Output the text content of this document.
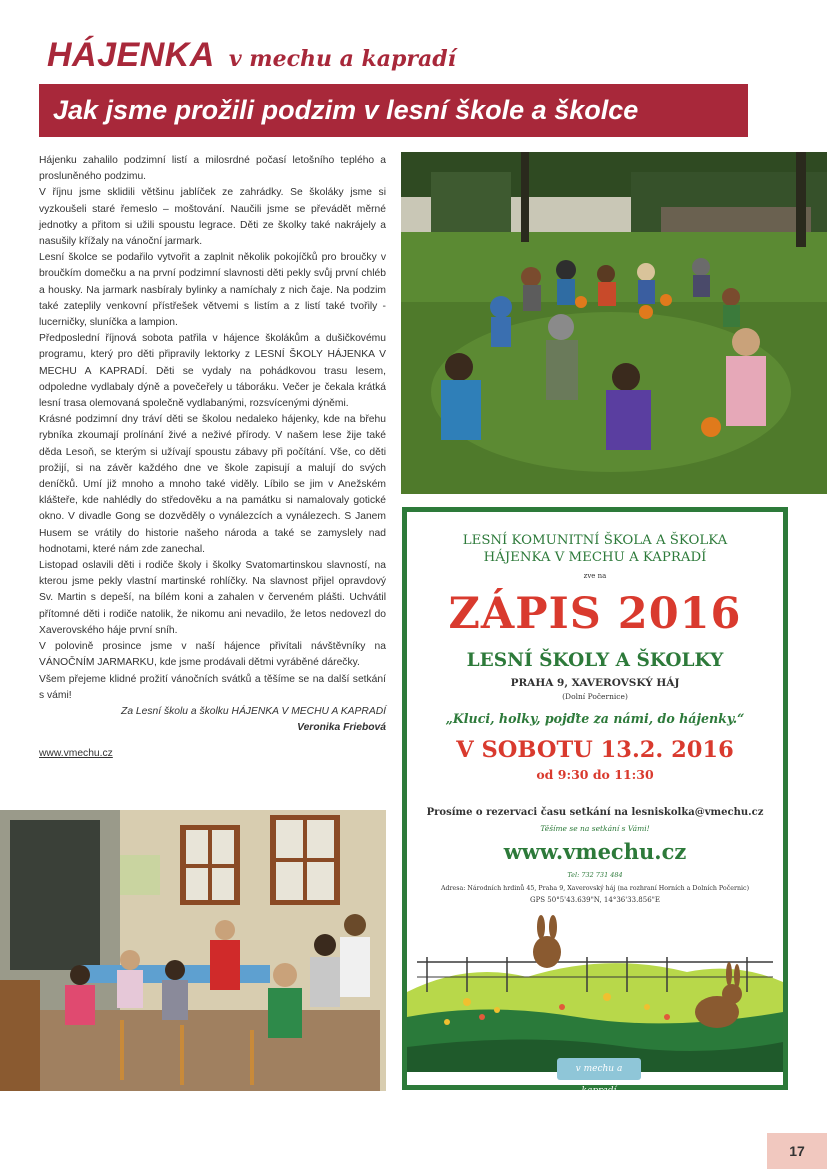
HÁJENKA v mechu a kapradí
Jak jsme prožili podzim v lesní škole a školce

Hájenku zahalilo podzimní listí a milosrdné počasí letošního teplého a prosluněného podzimu.

V říjnu jsme sklidili většinu jablíček ze zahrádky. Se školáky jsme si vyzkoušeli staré řemeslo – moštování. Naučili jsme se převádět měrné jednotky a přitom si užili spoustu legrace. Děti ze školky také nakrájely a nasušily křížaly na vánoční jarmark.

Lesní školce se podařilo vytvořit a zaplnit několik pokojíčků pro broučky v broučkím domečku a na první podzimní slavnosti děti pekly svůj první chléb a housky. Na jarmark nasbíraly bylinky a namíchaly z nich čaje. Na podzim také zateplily venkovní přístřešek větvemi s listím a z listí také tvořily - lucerničky, sluníčka a lampion.

Předposlední říjnová sobota patřila v hájence školákům a dušičkovému programu, který pro děti připravily lektorky z LESNÍ ŠKOLY HÁJENKA V MECHU A KAPRADÍ. Děti se vydaly na pohádkovou trasu lesem, odpoledne vydlabaly dýně a povečeřely u táboráku. Večer je čekala krátká lesní trasa olemovaná společně vydlabanými, rozsvícenými dýněmi.

Krásné podzimní dny tráví děti se školou nedaleko hájenky, kde na břehu rybníka zkoumají prolínání živé a neživé přírody. V našem lese žije také děda Lesoň, se kterým si užívají spoustu zábavy při počítání. Vše, co děti prožijí, si na závěr každého dne ve škole zapisují a malují do svých deníčků. Umí již mnoho a mnoho také viděly. Líbilo se jim v Anežském klášteře, kde nahlédly do středověku a na památku si namalovaly gotické okno. V divadle Gong se dozvěděly o vynálezcích a vynálezech. S Janem Husem se vrátily do historie našeho národa a také se zamyslely nad hodnotami, které nám zde zanechal.

Listopad oslavili děti i rodiče školy i školky Svatomartinskou slavností, na kterou jsme pekly vlastní martinské rohlíčky. Na slavnost přijel opravdový Sv. Martin s depeší, na bílém koni a zahalen v červeném plášti. Uchvátil přítomné děti i rodiče natolik, že nikomu ani nevadilo, že letos nedovezl do Xaverovského háje první sníh.

V polovině prosince jsme v naší hájence přivítali návštěvníky na VÁNOČNÍM JARMARKU, kde jsme prodávali dětmi vyráběné dárečky.

Všem přejeme klidné prožití vánočních svátků a těšíme se na další setkání s vámi!

Za Lesní školu a školku HÁJENKA V MECHU A KAPRADÍ
Veronika Friebová
www.vmechu.cz
LESNÍ KOMUNITNÍ ŠKOLA A ŠKOLKA
HÁJENKA V MECHU A KAPRADÍ
zve na
ZÁPIS 2016
LESNÍ ŠKOLY A ŠKOLKY
PRAHA 9, XAVEROVSKÝ HÁJ
(Dolní Počernice)
„Kluci, holky, pojďte za námi, do hájenky.“
V SOBOTU 13.2. 2016
od 9:30 do 11:30
Prosíme o rezervaci času setkání na lesniskolka@vmechu.cz
Těšíme se na setkání s Vámi!
www.vmechu.cz
Tel: 732 731 484
Adresa: Národních hrdinů 45, Praha 9, Xaverovský háj (na rozhraní Horních a Dolních Počernic)
GPS 50°5'43.639"N, 14°36'33.856"E
v mechu a kapradí
17
